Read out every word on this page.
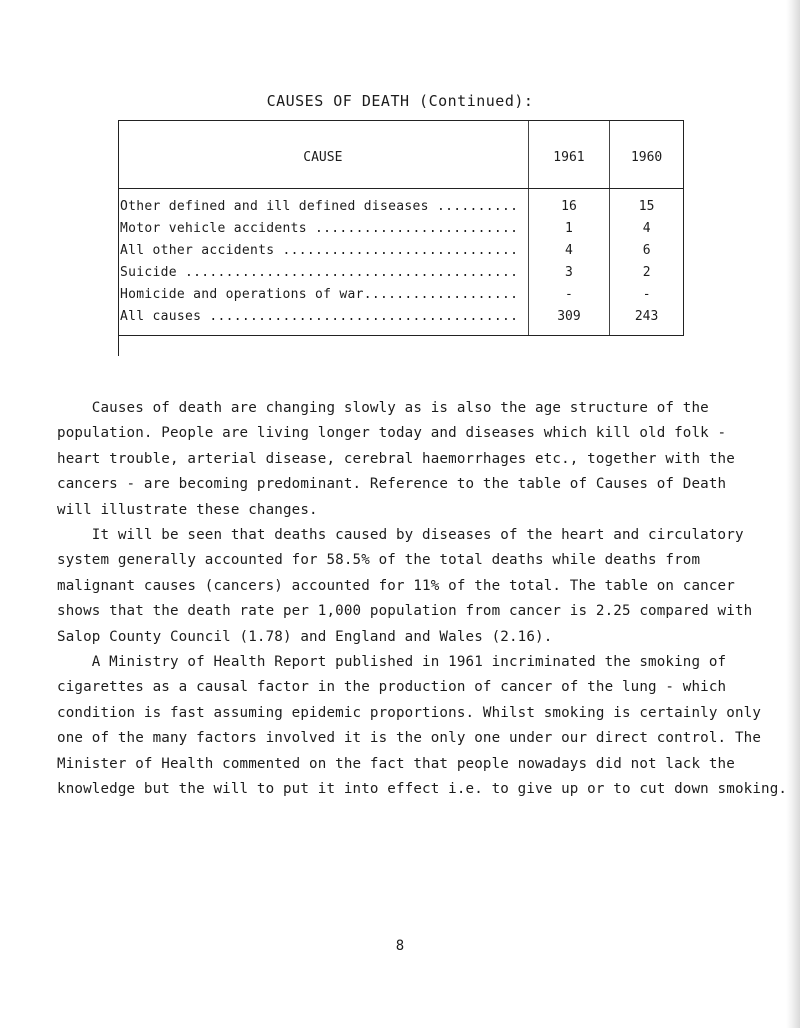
CAUSES OF DEATH (Continued):
CAUSE	1961	1960
Other defined and ill defined diseases ..........	16	15
Motor vehicle accidents .........................	1	4
All other accidents .............................	4	6
Suicide .........................................	3	2
Homicide and operations of war...................	-	-
All causes ......................................	309	243

Causes of death are changing slowly as is also the age structure of the

population. People are living longer today and diseases which kill old folk -

heart trouble, arterial disease, cerebral haemorrhages etc., together with the

cancers - are becoming predominant. Reference to the table of Causes of Death

will illustrate these changes.

It will be seen that deaths caused by diseases of the heart and circulatory

system generally accounted for 58.5% of the total deaths while deaths from

malignant causes (cancers) accounted for 11% of the total. The table on cancer

shows that the death rate per 1,000 population from cancer is 2.25 compared with

Salop County Council (1.78) and England and Wales (2.16).

A Ministry of Health Report published in 1961 incriminated the smoking of

cigarettes as a causal factor in the production of cancer of the lung - which

condition is fast assuming epidemic proportions. Whilst smoking is certainly only

one of the many factors involved it is the only one under our direct control. The

Minister of Health commented on the fact that people nowadays did not lack the

knowledge but the will to put it into effect i.e. to give up or to cut down smoking.

8
